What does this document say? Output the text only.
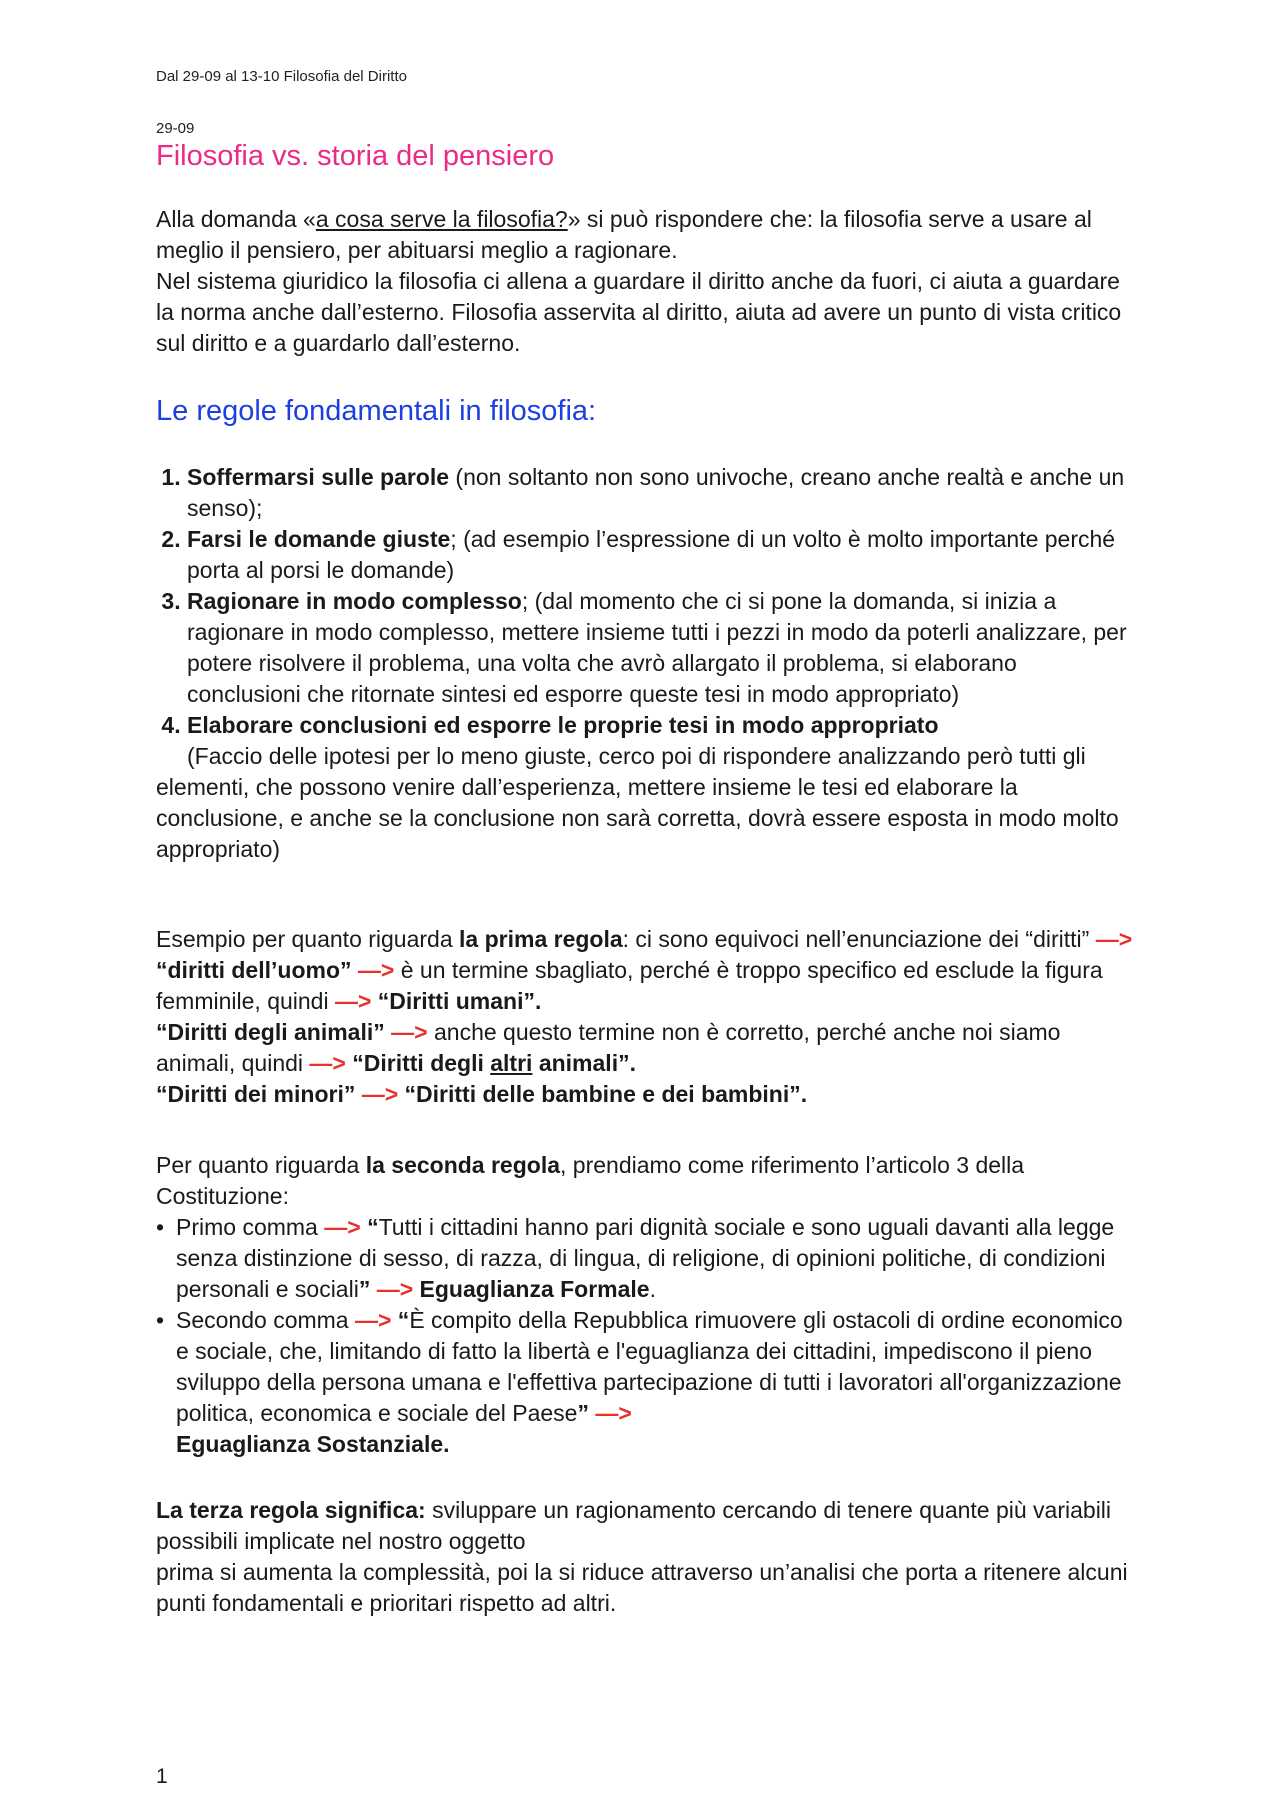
Dal 29-09 al 13-10 Filosofia del Diritto
29-09
Filosofia vs. storia del pensiero

Alla domanda «a cosa serve la filosofia?» si può rispondere che: la filosofia serve a usare al meglio il pensiero, per abituarsi meglio a ragionare.

Nel sistema giuridico la filosofia ci allena a guardare il diritto anche da fuori, ci aiuta a guardare la norma anche dall’esterno. Filosofia asservita al diritto, aiuta ad avere un punto di vista critico sul diritto e a guardarlo dall’esterno.

Le regole fondamentali in filosofia:
1. Soffermarsi sulle parole (non soltanto non sono univoche, creano anche realtà e anche un senso);
2. Farsi le domande giuste; (ad esempio l’espressione di un volto è molto importante perché porta al porsi le domande)
3. Ragionare in modo complesso; (dal momento che ci si pone la domanda, si inizia a ragionare in modo complesso, mettere insieme tutti i pezzi in modo da poterli analizzare, per potere risolvere il problema, una volta che avrò allargato il problema, si elaborano conclusioni che ritornate sintesi ed esporre queste tesi in modo appropriato)
4. Elaborare conclusioni ed esporre le proprie tesi in modo appropriato

(Faccio delle ipotesi per lo meno giuste, cerco poi di rispondere analizzando però tutti gli elementi, che possono venire dall’esperienza, mettere insieme le tesi ed elaborare la conclusione, e anche se la conclusione non sarà corretta, dovrà essere esposta in modo molto appropriato)

Esempio per quanto riguarda la prima regola: ci sono equivoci nell’enunciazione dei “diritti” —> “diritti dell’uomo” —> è un termine sbagliato, perché è troppo specifico ed esclude la figura femminile, quindi —> “Diritti umani”.

“Diritti degli animali” —> anche questo termine non è corretto, perché anche noi siamo animali, quindi —> “Diritti degli altri animali”.

“Diritti dei minori” —> “Diritti delle bambine e dei bambini”.

Per quanto riguarda la seconda regola, prendiamo come riferimento l’articolo 3 della Costituzione:

• Primo comma —> “Tutti i cittadini hanno pari dignità sociale e sono uguali davanti alla legge senza distinzione di sesso, di razza, di lingua, di religione, di opinioni politiche, di condizioni personali e sociali” —> Eguaglianza Formale.
• Secondo comma —> “È compito della Repubblica rimuovere gli ostacoli di ordine economico e sociale, che, limitando di fatto la libertà e l'eguaglianza dei cittadini, impediscono il pieno sviluppo della persona umana e l'effettiva partecipazione di tutti i lavoratori all'organizzazione politica, economica e sociale del Paese” —>
Eguaglianza Sostanziale.

La terza regola significa: sviluppare un ragionamento cercando di tenere quante più variabili possibili implicate nel nostro oggetto

prima si aumenta la complessità, poi la si riduce attraverso un’analisi che porta a ritenere alcuni punti fondamentali e prioritari rispetto ad altri.

1
